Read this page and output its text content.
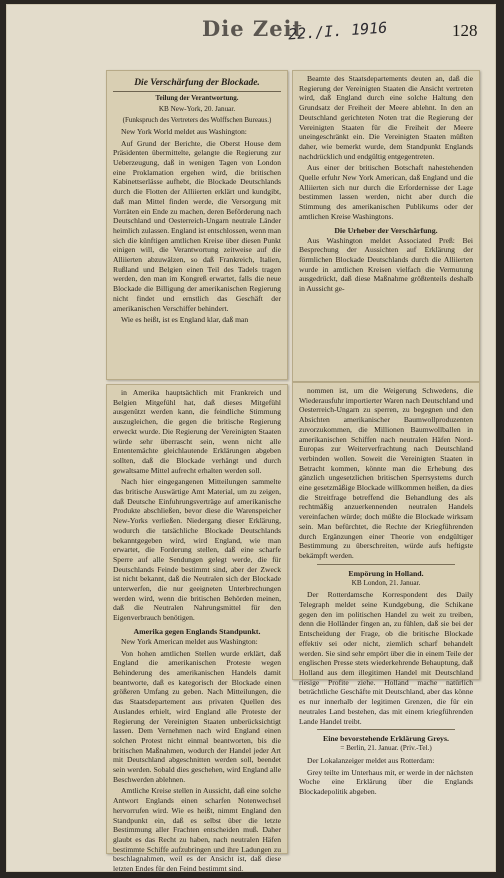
Die Zeit
22./I. 1916	128
Die Verschärfung der Blockade.
Teilung der Verantwortung.
KB New-York, 20. Januar.
(Funkspruch des Vertreters des Wolffschen Bureaus.)

New York World meldet aus Washington:

Auf Grund der Berichte, die Oberst House dem Präsidenten übermittelte, gelangte die Regierung zur Ueberzeugung, daß in wenigen Tagen von London eine Proklamation ergehen wird, die britischen Kabinettserlässe aufhebt, die Blockade Deutschlands durch die Flotten der Alliierten erklärt und kundgibt, daß man Mittel finden werde, die Versorgung mit Vorräten ein Ende zu machen, deren Beförderung nach Deutschland und Oesterreich-Ungarn neutrale Länder heimlich zulassen. England ist entschlossen, wenn man sich die künftigen amtlichen Kreise über diesen Punkt einigen will, die Verantwortung zeitweise auf die Alliierten abzuwälzen, so daß Frankreich, Italien, Rußland und Belgien einen Teil des Tadels tragen werden, den man im Kongreß erwartet, falls die neue Blockade die Billigung der amerikanischen Regierung nicht findet und ernstlich das Geschäft der amerikanischen Verschiffer behindert.

Wie es heißt, ist es England klar, daß man

Beamte des Staatsdepartements deuten an, daß die Regierung der Vereinigten Staaten die Ansicht vertreten wird, daß England durch eine solche Haltung den Grundsatz der Freiheit der Meere ablehnt. In den an Deutschland gerichteten Noten trat die Regierung der Vereinigten Staaten für die Freiheit der Meere uneingeschränkt ein. Die Vereinigten Staaten müßten daher, wie bemerkt wurde, dem Standpunkt Englands nachdrücklich und endgültig entgegentreten.

Aus einer der britischen Botschaft nahestehenden Quelle erfuhr New York American, daß England und die Alliierten sich nur durch die Erfordernisse der Lage bestimmen lassen werden, nicht aber durch die Stimmung des amerikanischen Publikums oder der amtlichen Kreise Washingtons.

Die Urheber der Verschärfung.

Aus Washington meldet Associated Preß: Bei Besprechung der Aussichten auf Erklärung der förmlichen Blockade Deutschlands durch die Alliierten wurde in amtlichen Kreisen vielfach die Vermutung ausgedrückt, daß diese Maßnahme größtenteils deshalb in Aussicht ge-

in Amerika hauptsächlich mit Frankreich und Belgien Mitgefühl hat, daß dieses Mitgefühl ausgenützt werden kann, die feindliche Stimmung auszugleichen, die gegen die britische Regierung erweckt wurde. Die Regierung der Vereinigten Staaten würde sehr überrascht sein, wenn nicht alle Ententemächte gleichlautende Erklärungen abgeben sollten, daß die Blockade verhängt und durch gewaltsame Mittel aufrecht erhalten werden soll.

Nach hier eingegangenen Mitteilungen sammelte das britische Auswärtige Amt Material, um zu zeigen, daß Deutsche Einfuhrungsverträge auf amerikanische Produkte abschließen, bevor diese die Warenspeicher New-Yorks verließen. Niedergang dieser Erklärung, wodurch die tatsächliche Blockade Deutschlands bekanntgegeben wird, wird England, wie man erwartet, die Forderung stellen, daß eine scharfe Sperre auf alle Sendungen gelegt werde, die für Deutschlands Feinde bestimmt sind, aber der Zweck ist nicht bekannt, daß die Neutralen sich der Blockade unterwerfen, die nur geeigneten Unterbrechungen werden wird, wenn die britischen Behörden meinen, daß die Neutralen Nahrungsmittel für den Eigenverbrauch benötigen.

Amerika gegen Englands Standpunkt.

New York American meldet aus Washington:

Von hohen amtlichen Stellen wurde erklärt, daß England die amerikanischen Proteste wegen Behinderung des amerikanischen Handels damit beantworte, daß es kategorisch der Blockade einen größeren Umfang zu geben. Nach Mitteilungen, die das Staatsdepartement aus privaten Quellen des Auslandes erhielt, wird England alle Proteste der Regierung der Vereinigten Staaten unberücksichtigt lassen. Dem Vernehmen nach wird England einen solchen Protest nicht einmal beantworten, bis die britischen Maßnahmen, wodurch der Handel jeder Art mit Deutschland abgeschnitten werden soll, beendet sein werden. Sobald dies geschehen, wird England alle Beschwerden ablehnen.

Amtliche Kreise stellen in Aussicht, daß eine solche Antwort Englands einen scharfen Notenwechsel hervorrufen wird. Wie es heißt, nimmt England den Standpunkt ein, daß es selbst über die letzte Bestimmung aller Frachten entscheiden muß. Daher glaubt es das Recht zu haben, nach neutralen Häfen bestimmte Schiffe aufzubringen und ihre Ladungen zu beschlagnahmen, weil es der Ansicht ist, daß diese letzten Endes für den Feind bestimmt sind.

nommen ist, um die Weigerung Schwedens, die Wiederausfuhr importierter Waren nach Deutschland und Oesterreich-Ungarn zu sperren, zu begegnen und den Absichten amerikanischer Baumwollproduzenten zuvorzukommen, die Millionen Baumwollballen in amerikanischen Schiffen nach neutralen Häfen Nord-Europas zur Weiterverfrachtung nach Deutschland verbinden wollen. Soweit die Vereinigten Staaten in Betracht kommen, könnte man die Erhebung des gänzlich ungesetzlichen britischen Sperrsystems durch eine gesetzmäßige Blockade willkommen heißen, da dies die Streitfrage betreffend die Behandlung des als rechtmäßig anzuerkennenden neutralen Handels vereinfachen würde; doch müßte die Blockade wirksam sein. Man befürchtet, die Rechte der Kriegführenden durch Ergänzungen einer Theorie von endgültiger Bestimmung zu überschreiten, würde aufs heftigste bekämpft werden.

Empörung in Holland.
KB London, 21. Januar.

Der Rotterdamsche Korrespondent des Daily Telegraph meldet seine Kundgebung, die Schikane gegen den im politischen Handel zu weit zu treiben, denn die Holländer fingen an, zu fühlen, daß sie bei der Entscheidung der Frage, ob die britische Blockade effektiv sei oder nicht, ziemlich scharf behandelt werden. Sie sind sehr empört über die in einem Teile der englischen Presse stets wiederkehrende Behauptung, daß Holland aus dem illegitimen Handel mit Deutschland riesige Profite ziehe. Holland mache natürlich beträchtliche Geschäfte mit Deutschland, aber das könne es nur innerhalb der legitimen Grenzen, die für ein neutrales Land bestehen, das mit einem kriegführenden Lande Handel treibt.

Eine bevorstehende Erklärung Greys.
= Berlin, 21. Januar. (Priv.-Tel.)

Der Lokalanzeiger meldet aus Rotterdam:

Grey teilte im Unterhaus mit, er werde in der nächsten Woche eine Erklärung über die Englands Blockadepolitik abgeben.
